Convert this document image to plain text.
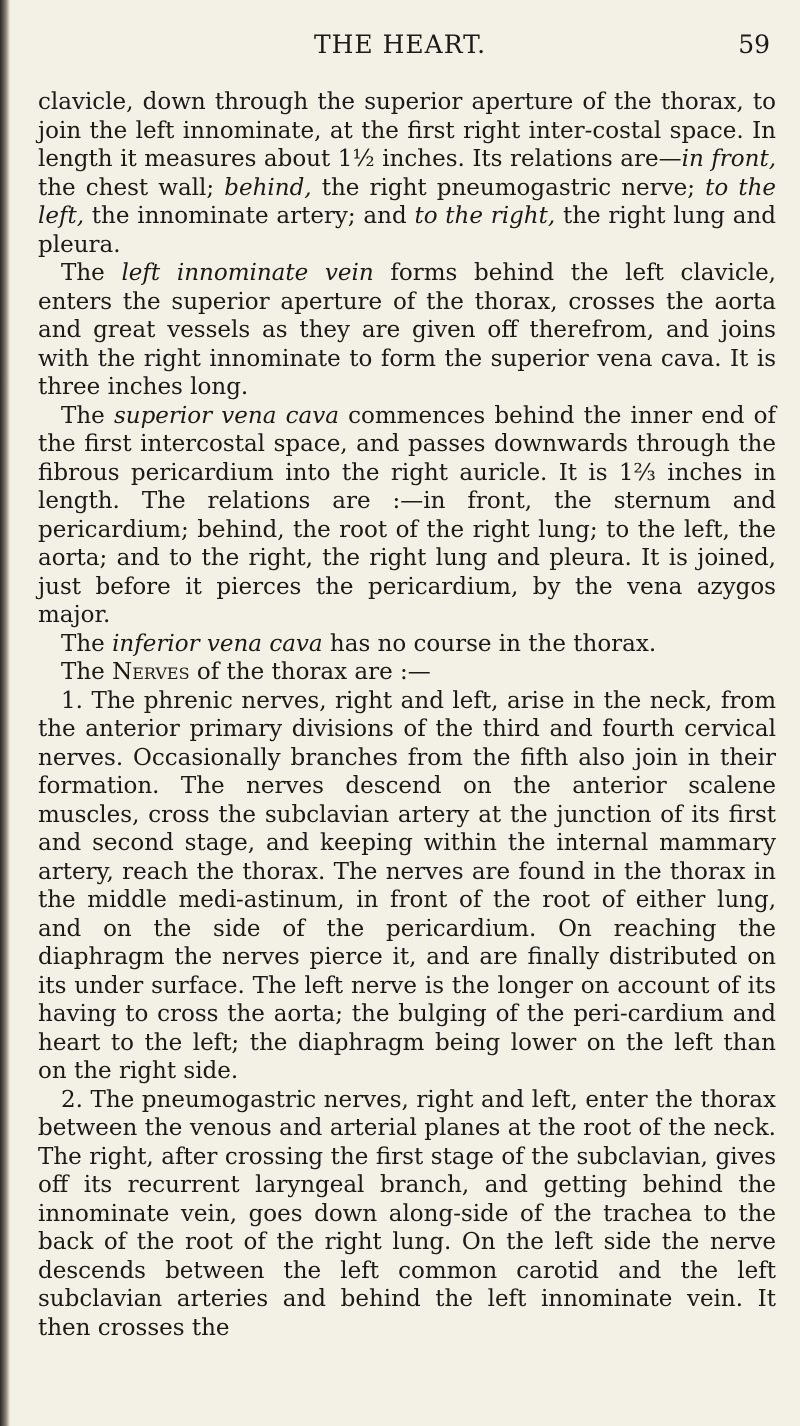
THE HEART.	59

clavicle, down through the superior aperture of the thorax, to join the left innominate, at the first right inter-costal space. In length it measures about 1½ inches. Its relations are—in front, the chest wall; behind, the right pneumogastric nerve; to the left, the innominate artery; and to the right, the right lung and pleura.

The left innominate vein forms behind the left clavicle, enters the superior aperture of the thorax, crosses the aorta and great vessels as they are given off therefrom, and joins with the right innominate to form the superior vena cava. It is three inches long.

The superior vena cava commences behind the inner end of the first intercostal space, and passes downwards through the fibrous pericardium into the right auricle. It is 1⅔ inches in length. The relations are :—in front, the sternum and pericardium; behind, the root of the right lung; to the left, the aorta; and to the right, the right lung and pleura. It is joined, just before it pierces the pericardium, by the vena azygos major.

The inferior vena cava has no course in the thorax.

The Nerves of the thorax are :—

1. The phrenic nerves, right and left, arise in the neck, from the anterior primary divisions of the third and fourth cervical nerves. Occasionally branches from the fifth also join in their formation. The nerves descend on the anterior scalene muscles, cross the subclavian artery at the junction of its first and second stage, and keeping within the internal mammary artery, reach the thorax. The nerves are found in the thorax in the middle medi-astinum, in front of the root of either lung, and on the side of the pericardium. On reaching the diaphragm the nerves pierce it, and are finally distributed on its under surface. The left nerve is the longer on account of its having to cross the aorta; the bulging of the peri-cardium and heart to the left; the diaphragm being lower on the left than on the right side.

2. The pneumogastric nerves, right and left, enter the thorax between the venous and arterial planes at the root of the neck. The right, after crossing the first stage of the subclavian, gives off its recurrent laryngeal branch, and getting behind the innominate vein, goes down along-side of the trachea to the back of the root of the right lung. On the left side the nerve descends between the left common carotid and the left subclavian arteries and behind the left innominate vein. It then crosses the
